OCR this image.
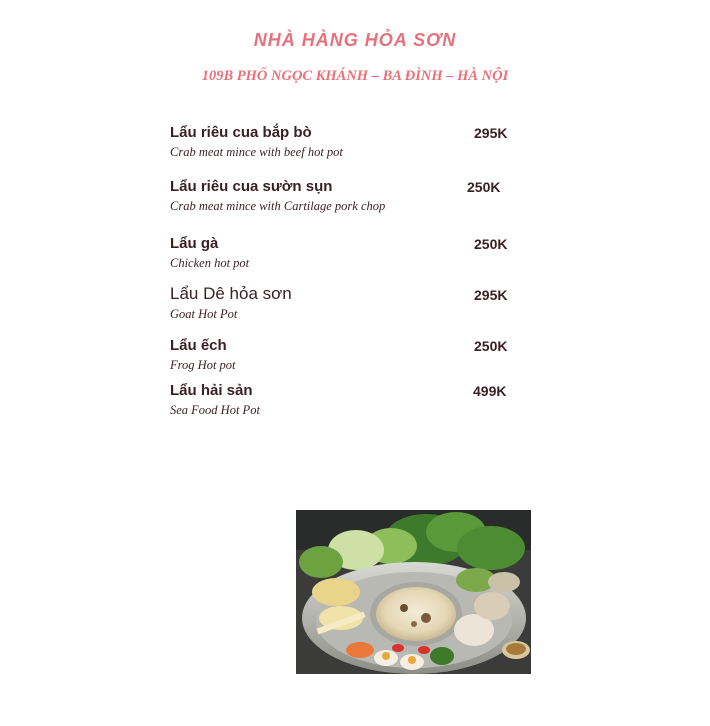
NHÀ HÀNG HỎA SƠN
109B PHỐ NGỌC KHÁNH – BA ĐÌNH – HÀ NỘI
Lẩu riêu cua bắp bò
Crab meat mince with beef hot pot
295K
Lẩu riêu cua sườn sụn
Crab meat mince with Cartilage pork chop
250K
Lẩu gà
Chicken hot pot
250K
Lẩu Dê hỏa sơn
Goat Hot Pot
295K
Lẩu ếch
Frog Hot pot
250K
Lẩu hải sản
Sea Food Hot Pot
499K
